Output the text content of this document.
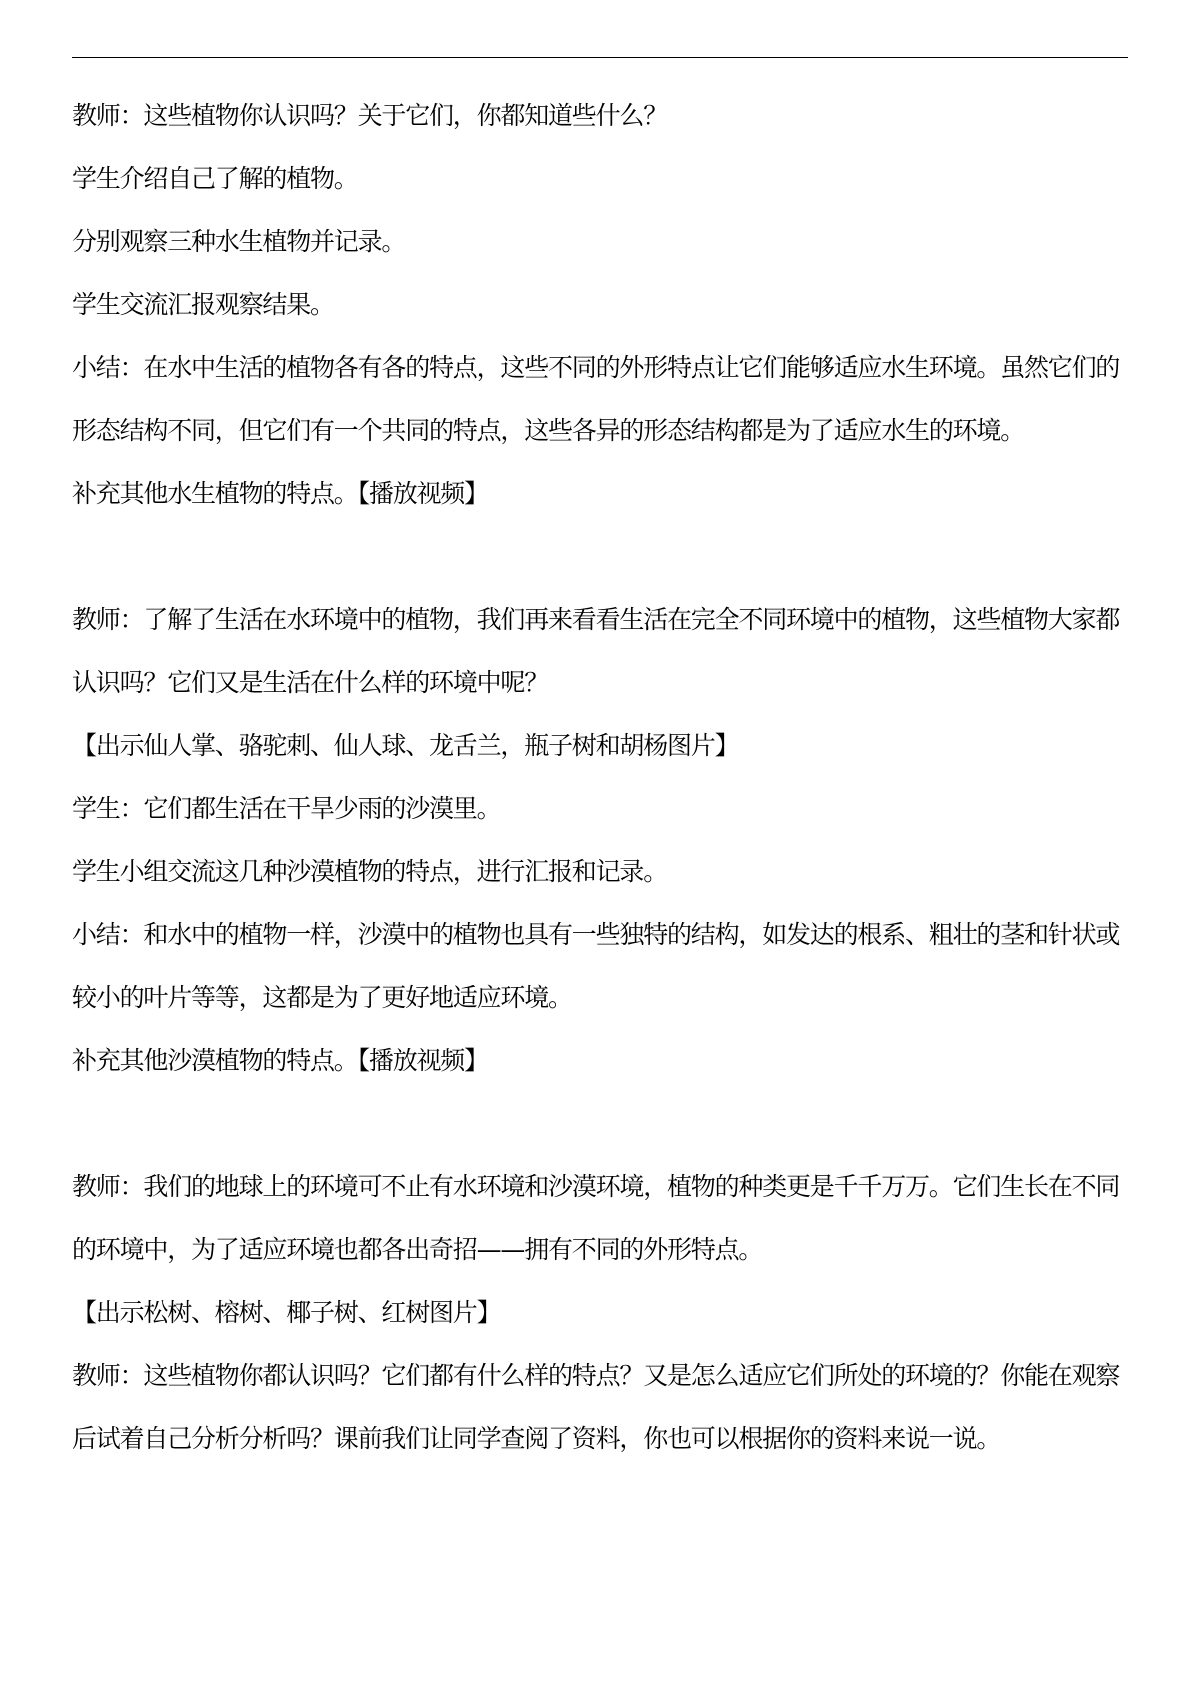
教师：这些植物你认识吗？关于它们，你都知道些什么？

学生介绍自己了解的植物。

分别观察三种水生植物并记录。

学生交流汇报观察结果。

小结：在水中生活的植物各有各的特点，这些不同的外形特点让它们能够适应水生环境。虽然它们的形态结构不同，但它们有一个共同的特点，这些各异的形态结构都是为了适应水生的环境。

补充其他水生植物的特点。【播放视频】

教师：了解了生活在水环境中的植物，我们再来看看生活在完全不同环境中的植物，这些植物大家都认识吗？它们又是生活在什么样的环境中呢？

【出示仙人掌、骆驼刺、仙人球、龙舌兰，瓶子树和胡杨图片】

学生：它们都生活在干旱少雨的沙漠里。

学生小组交流这几种沙漠植物的特点，进行汇报和记录。

小结：和水中的植物一样，沙漠中的植物也具有一些独特的结构，如发达的根系、粗壮的茎和针状或较小的叶片等等，这都是为了更好地适应环境。

补充其他沙漠植物的特点。【播放视频】

教师：我们的地球上的环境可不止有水环境和沙漠环境，植物的种类更是千千万万。它们生长在不同的环境中，为了适应环境也都各出奇招——拥有不同的外形特点。

【出示松树、榕树、椰子树、红树图片】

教师：这些植物你都认识吗？它们都有什么样的特点？又是怎么适应它们所处的环境的？你能在观察后试着自己分析分析吗？课前我们让同学查阅了资料，你也可以根据你的资料来说一说。
